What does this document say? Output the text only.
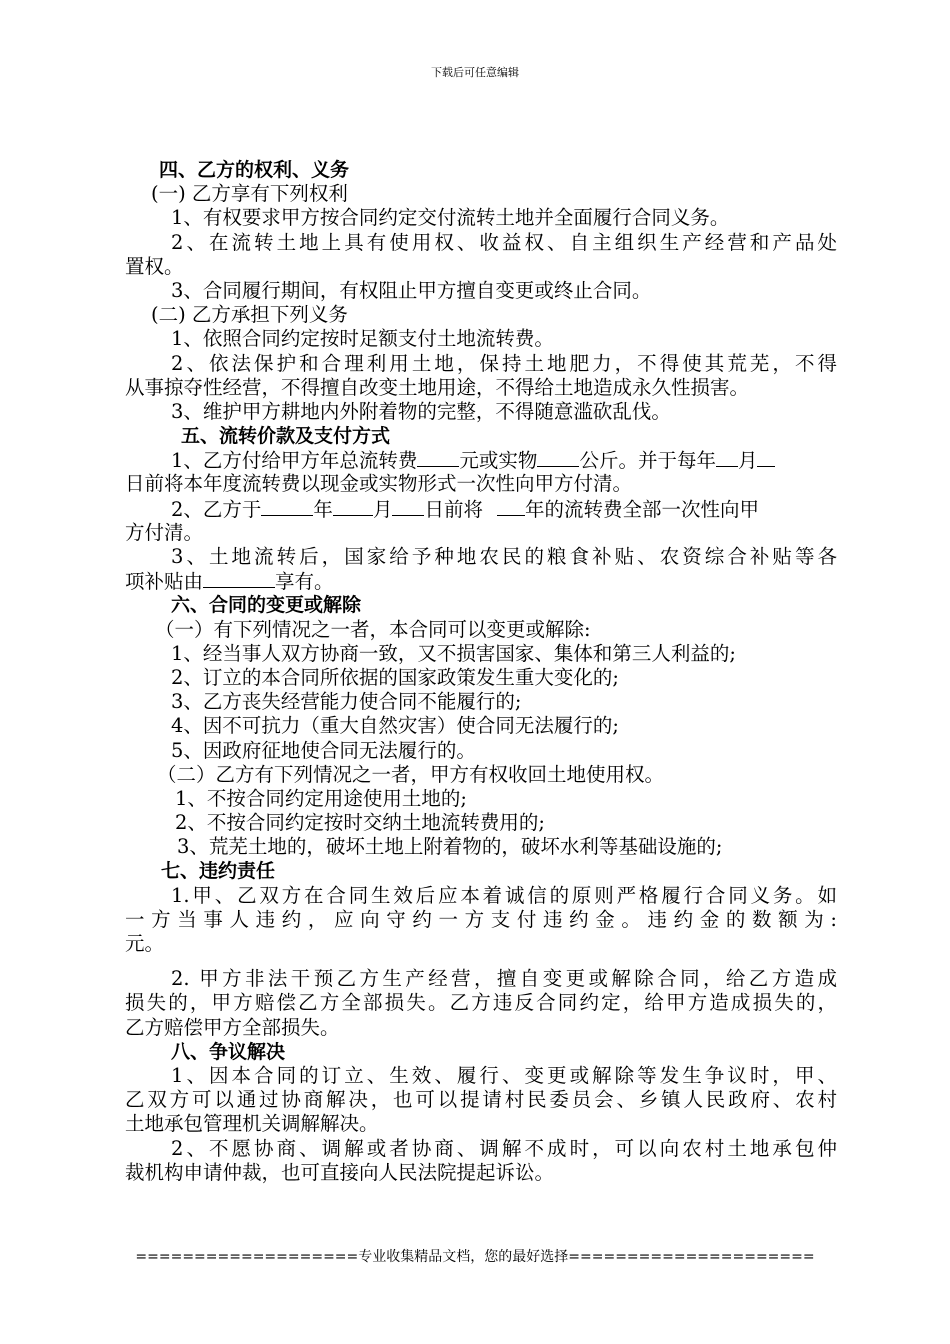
下载后可任意编辑
四、乙方的权利、义务
(一) 乙方享有下列权利
1、有权要求甲方按合同约定交付流转土地并全面履行合同义务。
2、在流转土地上具有使用权、收益权、自主组织生产经营和产品处
置权。
3、合同履行期间，有权阻止甲方擅自变更或终止合同。
(二) 乙方承担下列义务
1、依照合同约定按时足额支付土地流转费。
2、依法保护和合理利用土地，保持土地肥力，不得使其荒芜，不得
从事掠夺性经营，不得擅自改变土地用途，不得给土地造成永久性损害。
3、维护甲方耕地内外附着物的完整，不得随意滥砍乱伐。
五、流转价款及支付方式
1、乙方付给甲方年总流转费 元或实物 公斤。并于每年 月
日前将本年度流转费以现金或实物形式一次性向甲方付清。
2、乙方于	年 月 日前将 年的流转费全部一次性向甲
方付清。
3、土地流转后，国家给予种地农民的粮食补贴、农资综合补贴等各
项补贴由	享有。
六、合同的变更或解除
（一）有下列情况之一者，本合同可以变更或解除:
1、经当事人双方协商一致，又不损害国家、集体和第三人利益的;
2、订立的本合同所依据的国家政策发生重大变化的;
3、乙方丧失经营能力使合同不能履行的;
4、因不可抗力（重大自然灾害）使合同无法履行的;
5、因政府征地使合同无法履行的。
（二）乙方有下列情况之一者，甲方有权收回土地使用权。
1、不按合同约定用途使用土地的;
2、不按合同约定按时交纳土地流转费用的;
3、荒芜土地的，破坏土地上附着物的，破坏水利等基础设施的;
七、违约责任
1.甲、乙双方在合同生效后应本着诚信的原则严格履行合同义务。如
一方当事人违约，应向守约一方支付违约金。违约金的数额为:
元。
2. 甲方非法干预乙方生产经营，擅自变更或解除合同，给乙方造成
损失的，甲方赔偿乙方全部损失。乙方违反合同约定，给甲方造成损失的，
乙方赔偿甲方全部损失。
八、争议解决
1、因本合同的订立、生效、履行、变更或解除等发生争议时，甲、
乙双方可以通过协商解决，也可以提请村民委员会、乡镇人民政府、农村
土地承包管理机关调解解决。
2、不愿协商、调解或者协商、调解不成时，可以向农村土地承包仲
裁机构申请仲裁，也可直接向人民法院提起诉讼。
===================专业收集精品文档，您的最好选择=====================
